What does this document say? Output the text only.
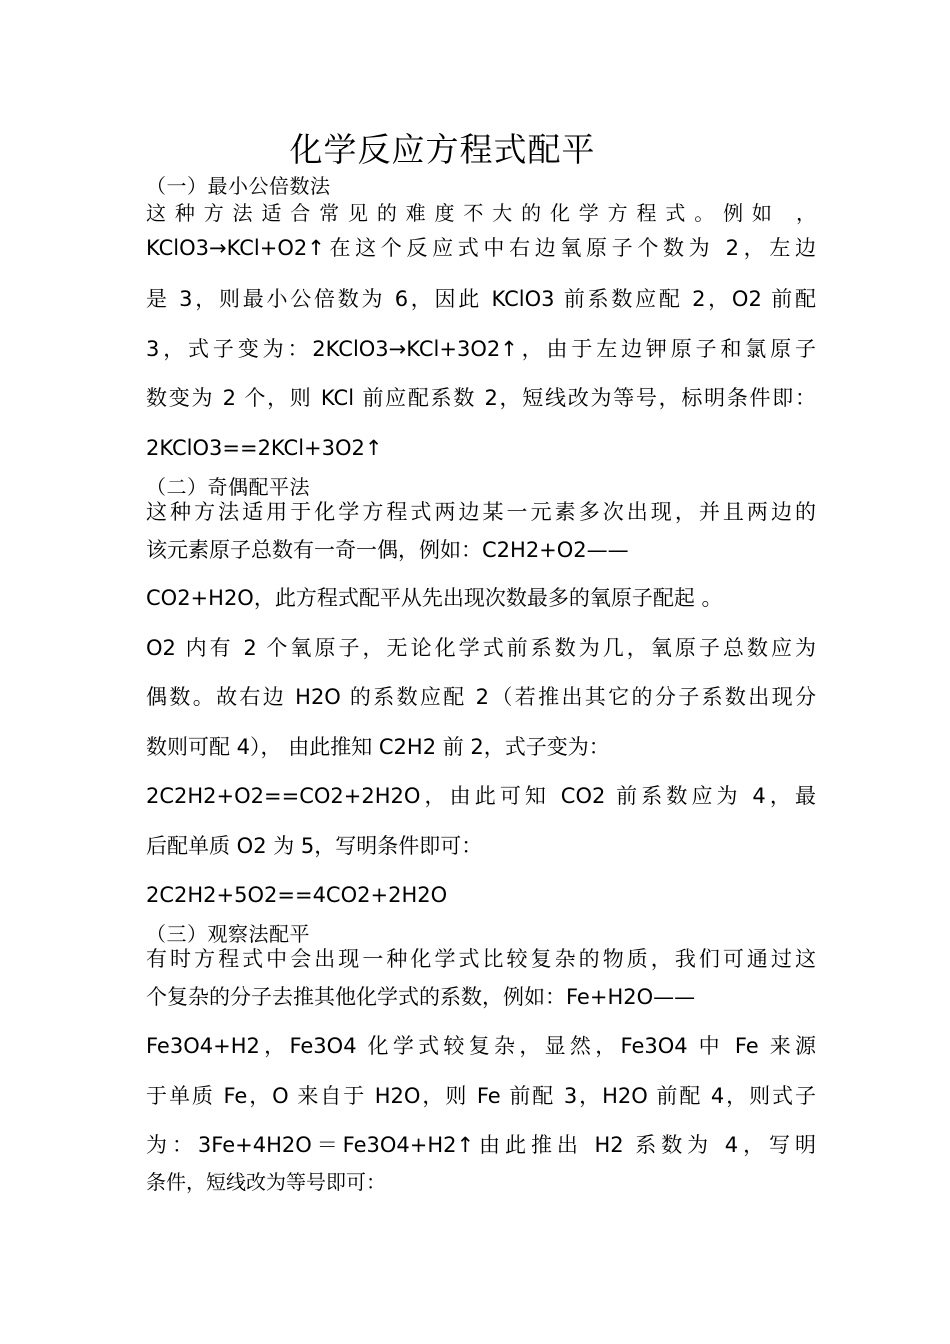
化学反应方程式配平
（一）最小公倍数法
这种方法适合常见的难度不大的化学方程式。例如 ，
KClO3→KCl+O2↑在这个反应式中右边氧原子个数为 2，左边
是 3，则最小公倍数为 6，因此 KClO3 前系数应配 2，O2 前配
3，式子变为：2KClO3→KCl+3O2↑，由于左边钾原子和氯原子
数变为 2 个，则 KCl 前应配系数 2，短线改为等号，标明条件即：
2KClO3==2KCl+3O2↑
（二）奇偶配平法
这种方法适用于化学方程式两边某一元素多次出现，并且两边的
该元素原子总数有一奇一偶，例如：C2H2+O2——
CO2+H2O，此方程式配平从先出现次数最多的氧原子配起 。
O2 内有 2 个氧原子，无论化学式前系数为几，氧原子总数应为
偶数。故右边 H2O 的系数应配 2（若推出其它的分子系数出现分
数则可配 4）， 由此推知 C2H2 前 2，式子变为：
2C2H2+O2==CO2+2H2O，由此可知 CO2 前系数应为 4，最
后配单质 O2 为 5，写明条件即可：
2C2H2+5O2==4CO2+2H2O
（三）观察法配平
有时方程式中会出现一种化学式比较复杂的物质，我们可通过这
个复杂的分子去推其他化学式的系数，例如：Fe+H2O——
Fe3O4+H2，Fe3O4 化学式较复杂，显然，Fe3O4 中 Fe 来源
于单质 Fe，O 来自于 H2O，则 Fe 前配 3，H2O 前配 4，则式子
为：3Fe+4H2O＝Fe3O4+H2↑由此推出 H2 系数为 4，写明
条件，短线改为等号即可：
